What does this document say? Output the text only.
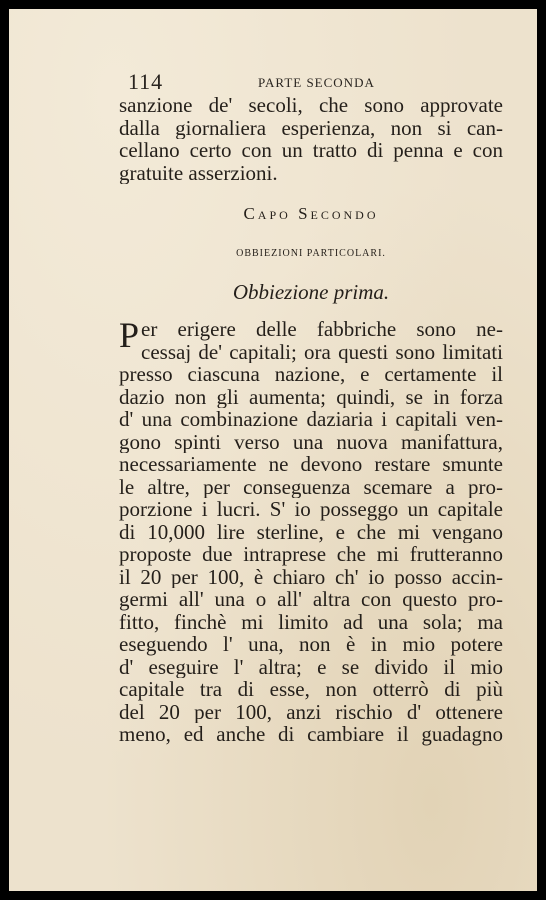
114	PARTE SECONDA
sanzione de' secoli, che sono approvate
dalla giornaliera esperienza, non si can-
cellano certo con un tratto di penna e con
gratuite asserzioni.
Capo Secondo
OBBIEZIONI PARTICOLARI.
Obbiezione prima.
P er erigere delle fabbriche sono ne-
cessaj de' capitali; ora questi sono limitati
presso ciascuna nazione, e certamente il
dazio non gli aumenta; quindi, se in forza
d' una combinazione daziaria i capitali ven-
gono spinti verso una nuova manifattura,
necessariamente ne devono restare smunte
le altre, per conseguenza scemare a pro-
porzione i lucri. S' io posseggo un capitale
di 10,000 lire sterline, e che mi vengano
proposte due intraprese che mi frutteranno
il 20 per 100, è chiaro ch' io posso accin-
germi all' una o all' altra con questo pro-
fitto, finchè mi limito ad una sola; ma
eseguendo l' una, non è in mio potere
d' eseguire l' altra; e se divido il mio
capitale tra di esse, non otterrò di più
del 20 per 100, anzi rischio d' ottenere
meno, ed anche di cambiare il guadagno
